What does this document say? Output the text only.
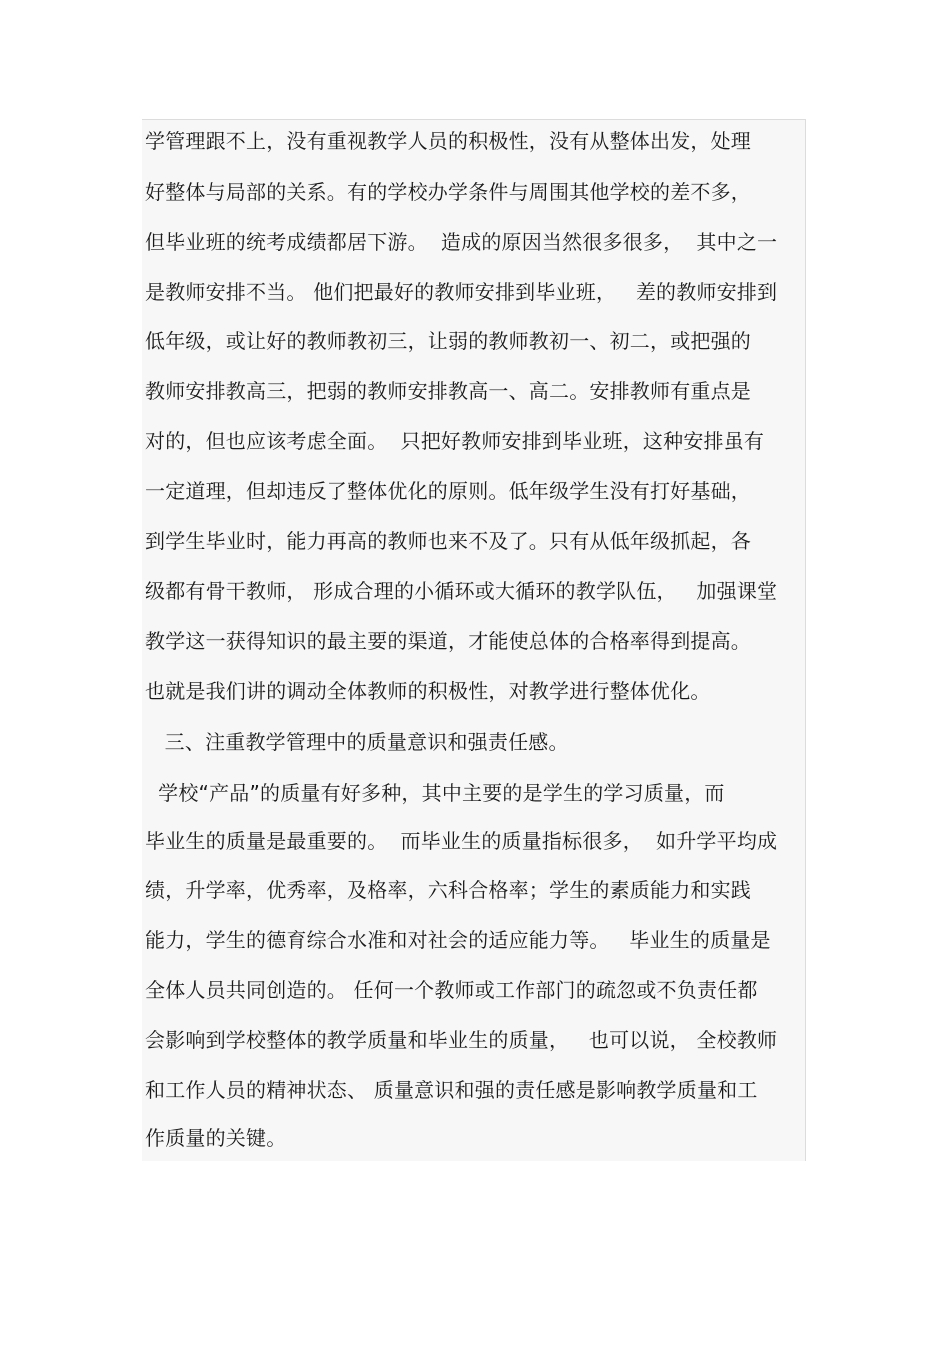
学管理跟不上，没有重视教学人员的积极性，没有从整体出发，处理
好整体与局部的关系。有的学校办学条件与周围其他学校的差不多，
但毕业班的统考成绩都居下游。  造成的原因当然很多很多，  其中之一
是教师安排不当。 他们把最好的教师安排到毕业班，   差的教师安排到
低年级，或让好的教师教初三，让弱的教师教初一、初二，或把强的
教师安排教高三，把弱的教师安排教高一、高二。安排教师有重点是
对的，但也应该考虑全面。  只把好教师安排到毕业班，这种安排虽有
一定道理，但却违反了整体优化的原则。低年级学生没有打好基础，
到学生毕业时，能力再高的教师也来不及了。只有从低年级抓起，各
级都有骨干教师， 形成合理的小循环或大循环的教学队伍，   加强课堂
教学这一获得知识的最主要的渠道，才能使总体的合格率得到提高。
也就是我们讲的调动全体教师的积极性，对教学进行整体优化。
三、注重教学管理中的质量意识和强责任感。
学校“产品”的质量有好多种，其中主要的是学生的学习质量，而
毕业生的质量是最重要的。  而毕业生的质量指标很多，  如升学平均成
绩，升学率，优秀率，及格率，六科合格率；学生的素质能力和实践
能力，学生的德育综合水准和对社会的适应能力等。   毕业生的质量是
全体人员共同创造的。 任何一个教师或工作部门的疏忽或不负责任都
会影响到学校整体的教学质量和毕业生的质量，   也可以说， 全校教师
和工作人员的精神状态、 质量意识和强的责任感是影响教学质量和工
作质量的关键。
